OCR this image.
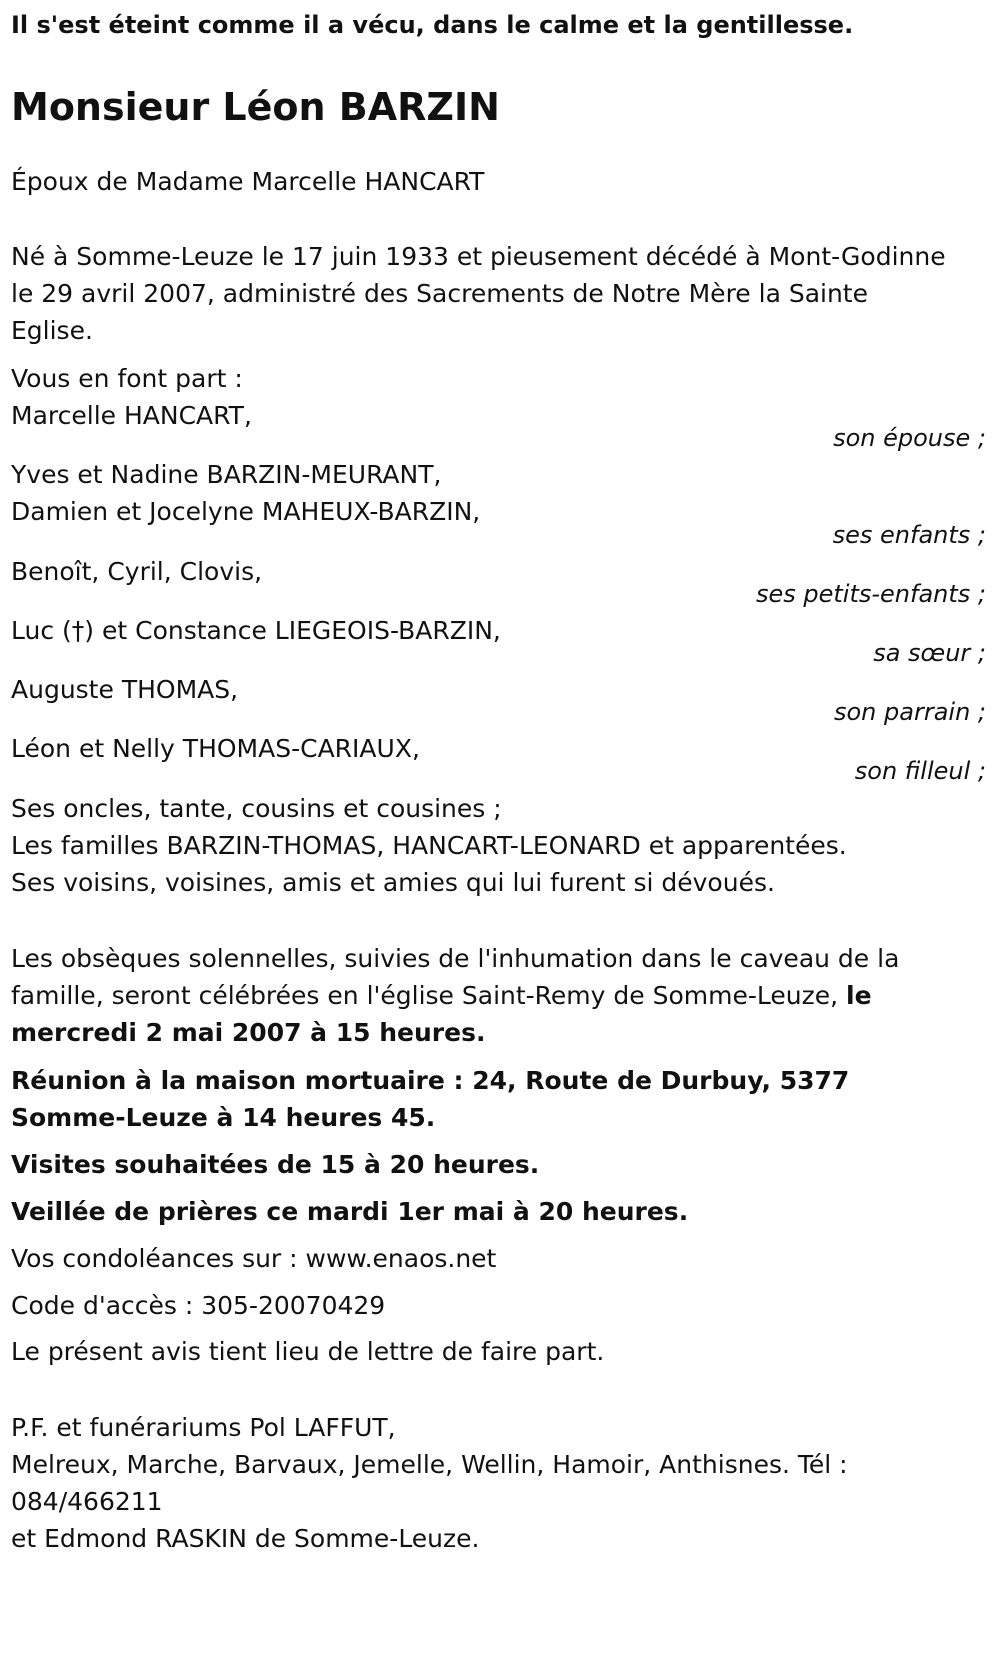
Il s'est éteint comme il a vécu, dans le calme et la gentillesse.
Monsieur Léon BARZIN

Époux de Madame Marcelle HANCART

Né à Somme-Leuze le 17 juin 1933 et pieusement décédé à Mont-Godinne

le 29 avril 2007, administré des Sacrements de Notre Mère la Sainte

Eglise.

Vous en font part :

Marcelle HANCART,

son épouse ;

Yves et Nadine BARZIN-MEURANT,

Damien et Jocelyne MAHEUX-BARZIN,

ses enfants ;

Benoît, Cyril, Clovis,

ses petits-enfants ;

Luc (†) et Constance LIEGEOIS-BARZIN,

sa sœur ;

Auguste THOMAS,

son parrain ;

Léon et Nelly THOMAS-CARIAUX,

son filleul ;

Ses oncles, tante, cousins et cousines ;

Les familles BARZIN-THOMAS, HANCART-LEONARD et apparentées.

Ses voisins, voisines, amis et amies qui lui furent si dévoués.

Les obsèques solennelles, suivies de l'inhumation dans le caveau de la

famille, seront célébrées en l'église Saint-Remy de Somme-Leuze, le

mercredi 2 mai 2007 à 15 heures.

Réunion à la maison mortuaire : 24, Route de Durbuy, 5377

Somme-Leuze à 14 heures 45.

Visites souhaitées de 15 à 20 heures.

Veillée de prières ce mardi 1er mai à 20 heures.

Vos condoléances sur : www.enaos.net

Code d'accès : 305-20070429

Le présent avis tient lieu de lettre de faire part.

P.F. et funérariums Pol LAFFUT,

Melreux, Marche, Barvaux, Jemelle, Wellin, Hamoir, Anthisnes. Tél :

084/466211

et Edmond RASKIN de Somme-Leuze.
